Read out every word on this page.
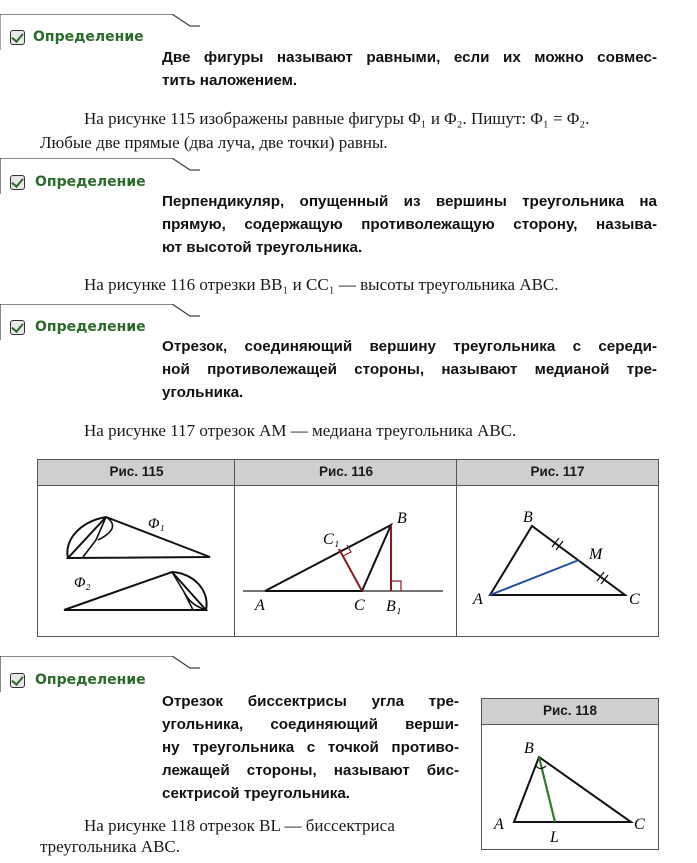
Определение
Две фигуры называют равными, если их можно совмес-
тить наложением.
На рисунке 115 изображены равные фигуры Φ₁ и Φ₂. Пишут: Φ₁ = Φ₂.
Любые две прямые (два луча, две точки) равны.
Определение
Перпендикуляр, опущенный из вершины треугольника на
прямую, содержащую противолежащую сторону, называ-
ют высотой треугольника.
На рисунке 116 отрезки BB₁ и CC₁ — высоты треугольника ABC.
Определение
Отрезок, соединяющий вершину треугольника с середи-
ной противолежащей стороны, называют медианой тре-
угольника.
На рисунке 117 отрезок AM — медиана треугольника ABC.
Рис. 115	Рис. 116	Рис. 117
Φ₁
Φ₂
A
B
C
C₁
B₁	A
B
C
M
Определение
Отрезок биссектрисы угла тре-
угольника, соединяющий верши-
ну треугольника с точкой противо-
лежащей стороны, называют бис-
сектрисой треугольника.
На рисунке 118 отрезок BL — биссектриса
треугольника ABC.
Рис. 118
A
B
C
L
